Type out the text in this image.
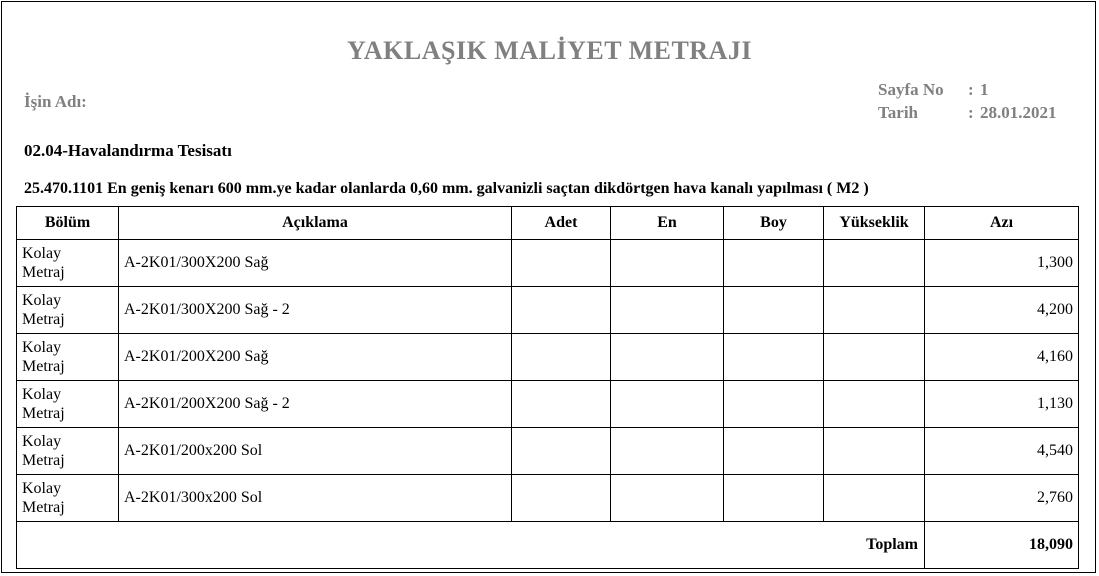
YAKLAŞIK MALİYET METRAJI
İşin Adı:
Sayfa No : 1
Tarih	: 28.01.2021
02.04-Havalandırma Tesisatı
25.470.1101 En geniş kenarı 600 mm.ye kadar olanlarda 0,60 mm. galvanizli saçtan dikdörtgen hava kanalı yapılması ( M2 )
Bölüm	Açıklama	Adet	En	Boy	Yükseklik	Azı
Kolay
Metraj	A-2K01/300X200 Sağ					1,300
Kolay
Metraj	A-2K01/300X200 Sağ - 2					4,200
Kolay
Metraj	A-2K01/200X200 Sağ					4,160
Kolay
Metraj	A-2K01/200X200 Sağ - 2					1,130
Kolay
Metraj	A-2K01/200x200 Sol					4,540
Kolay
Metraj	A-2K01/300x200 Sol					2,760
Toplam						18,090
